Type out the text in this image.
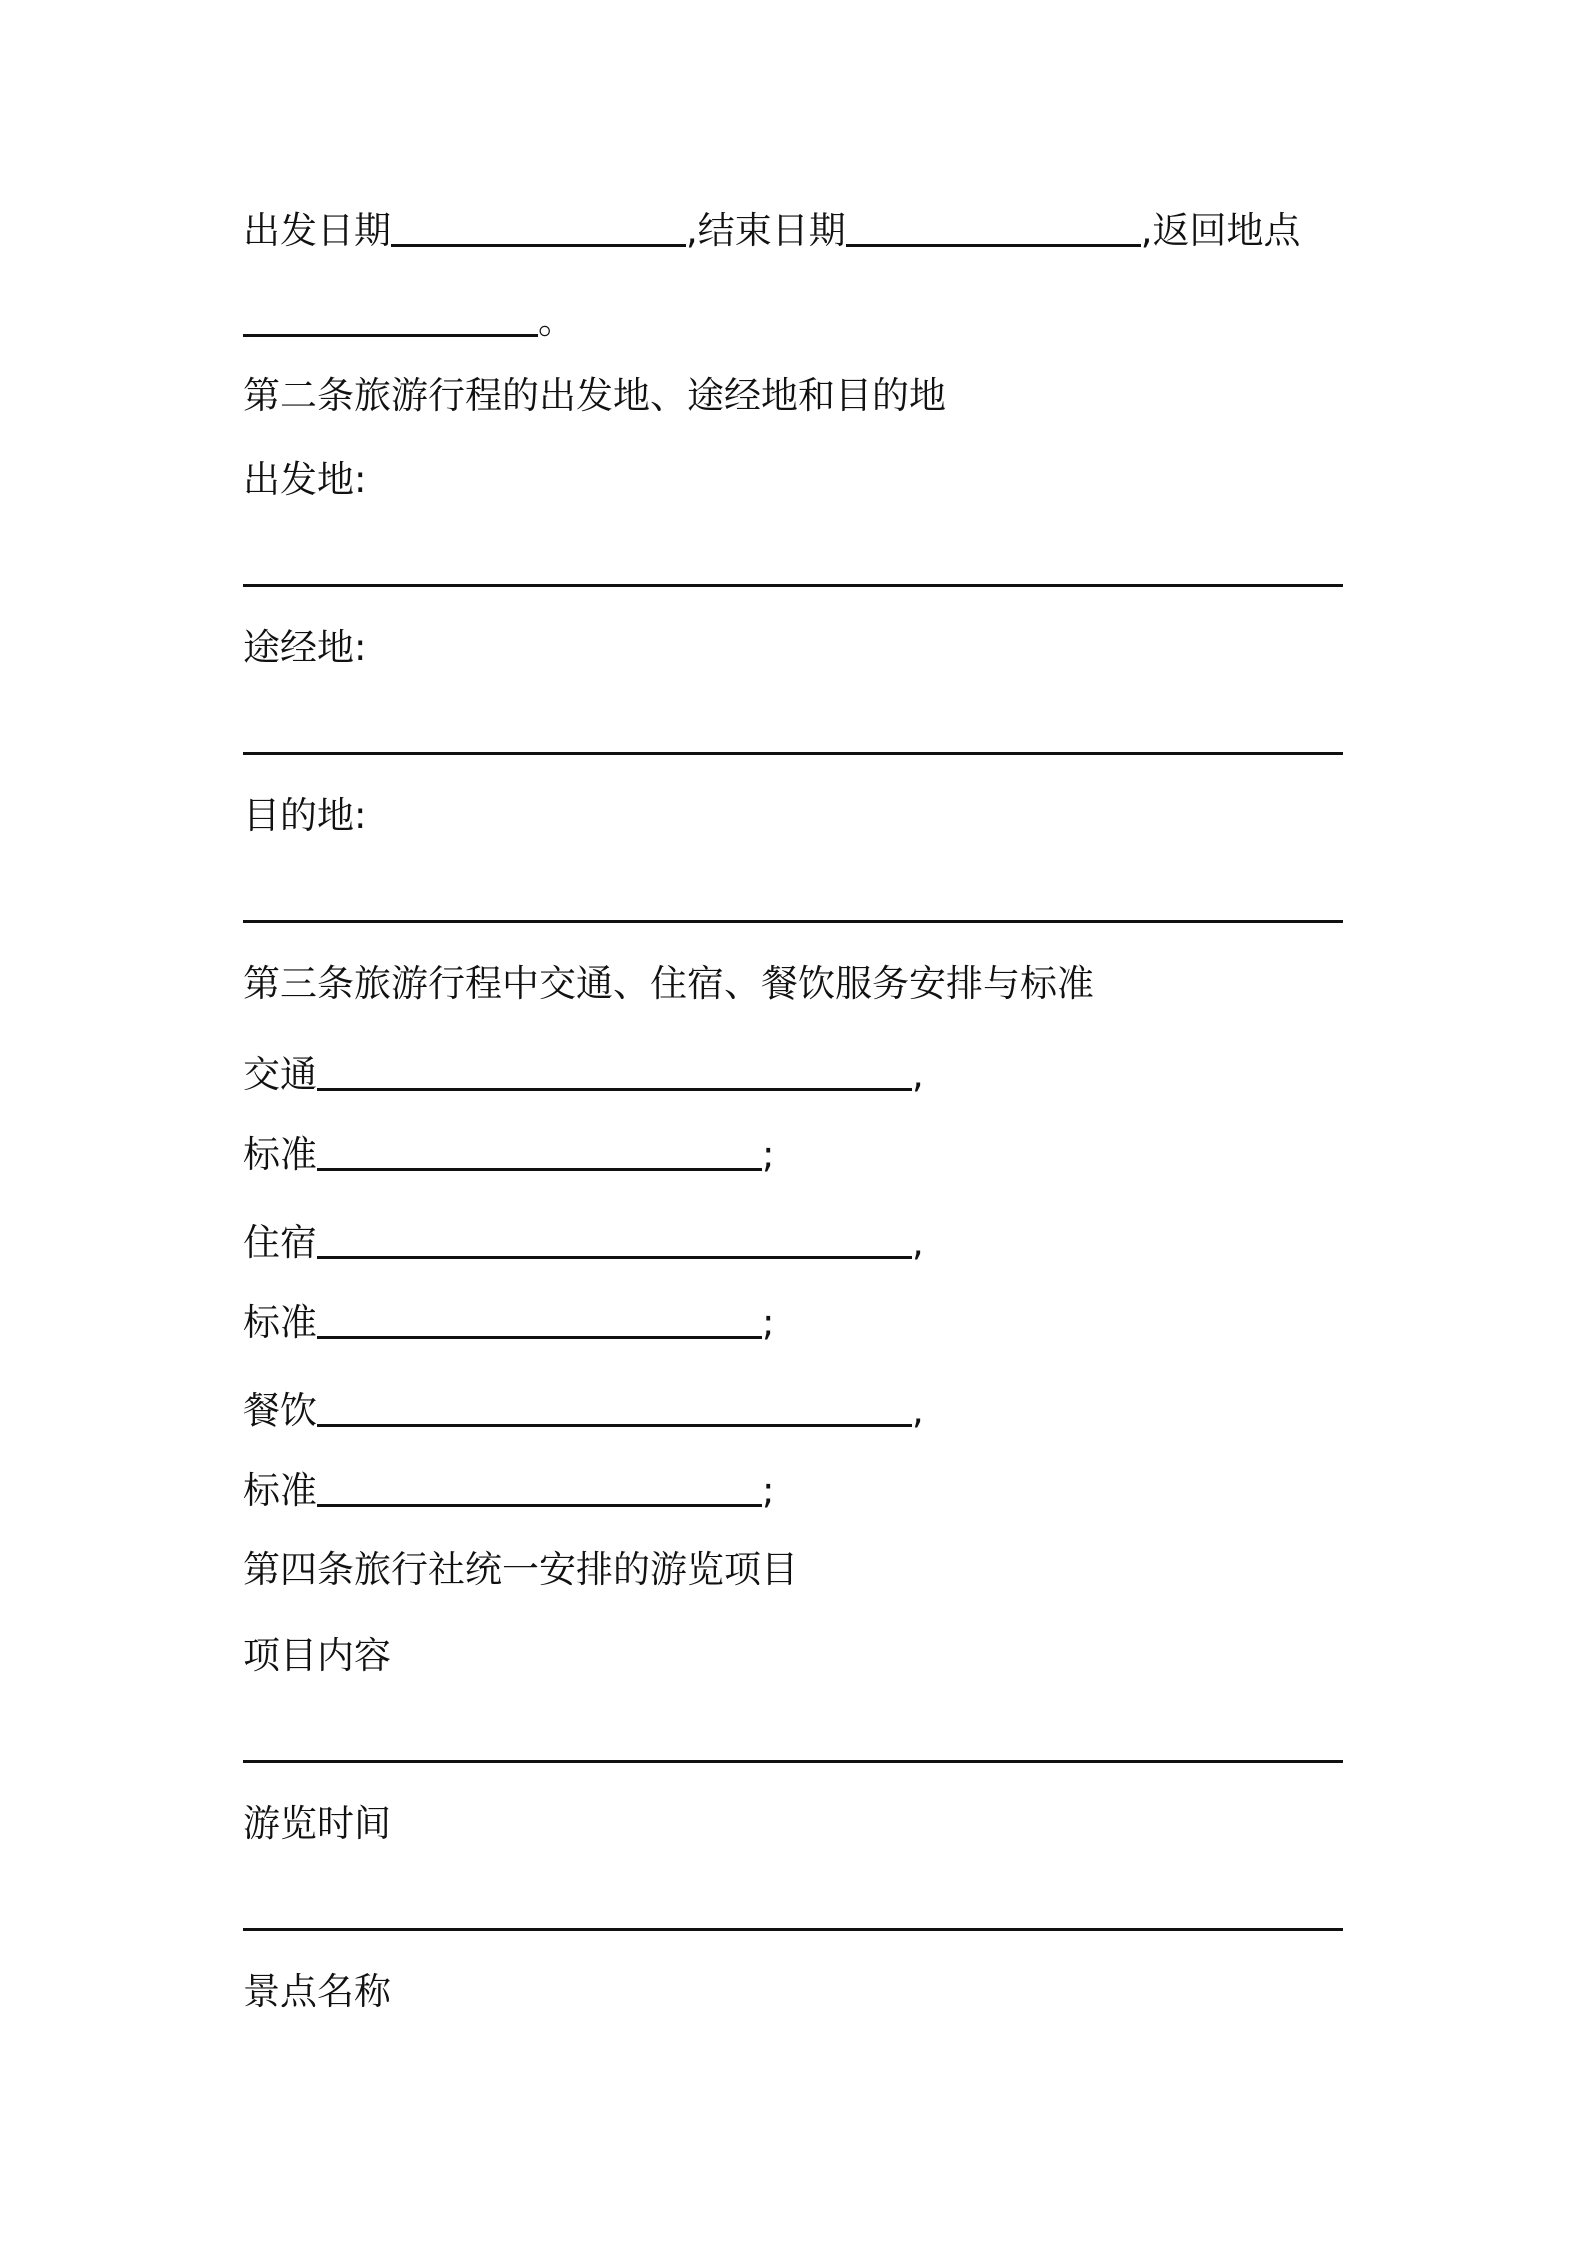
出发日期	,结束日期	,返回地点
。
第二条旅游行程的出发地、途经地和目的地
出发地:
途经地:
目的地:
第三条旅游行程中交通、住宿、餐饮服务安排与标准
交通	,
标准	;
住宿	,
标准	;
餐饮	,
标准	;
第四条旅行社统一安排的游览项目
项目内容
游览时间
景点名称
